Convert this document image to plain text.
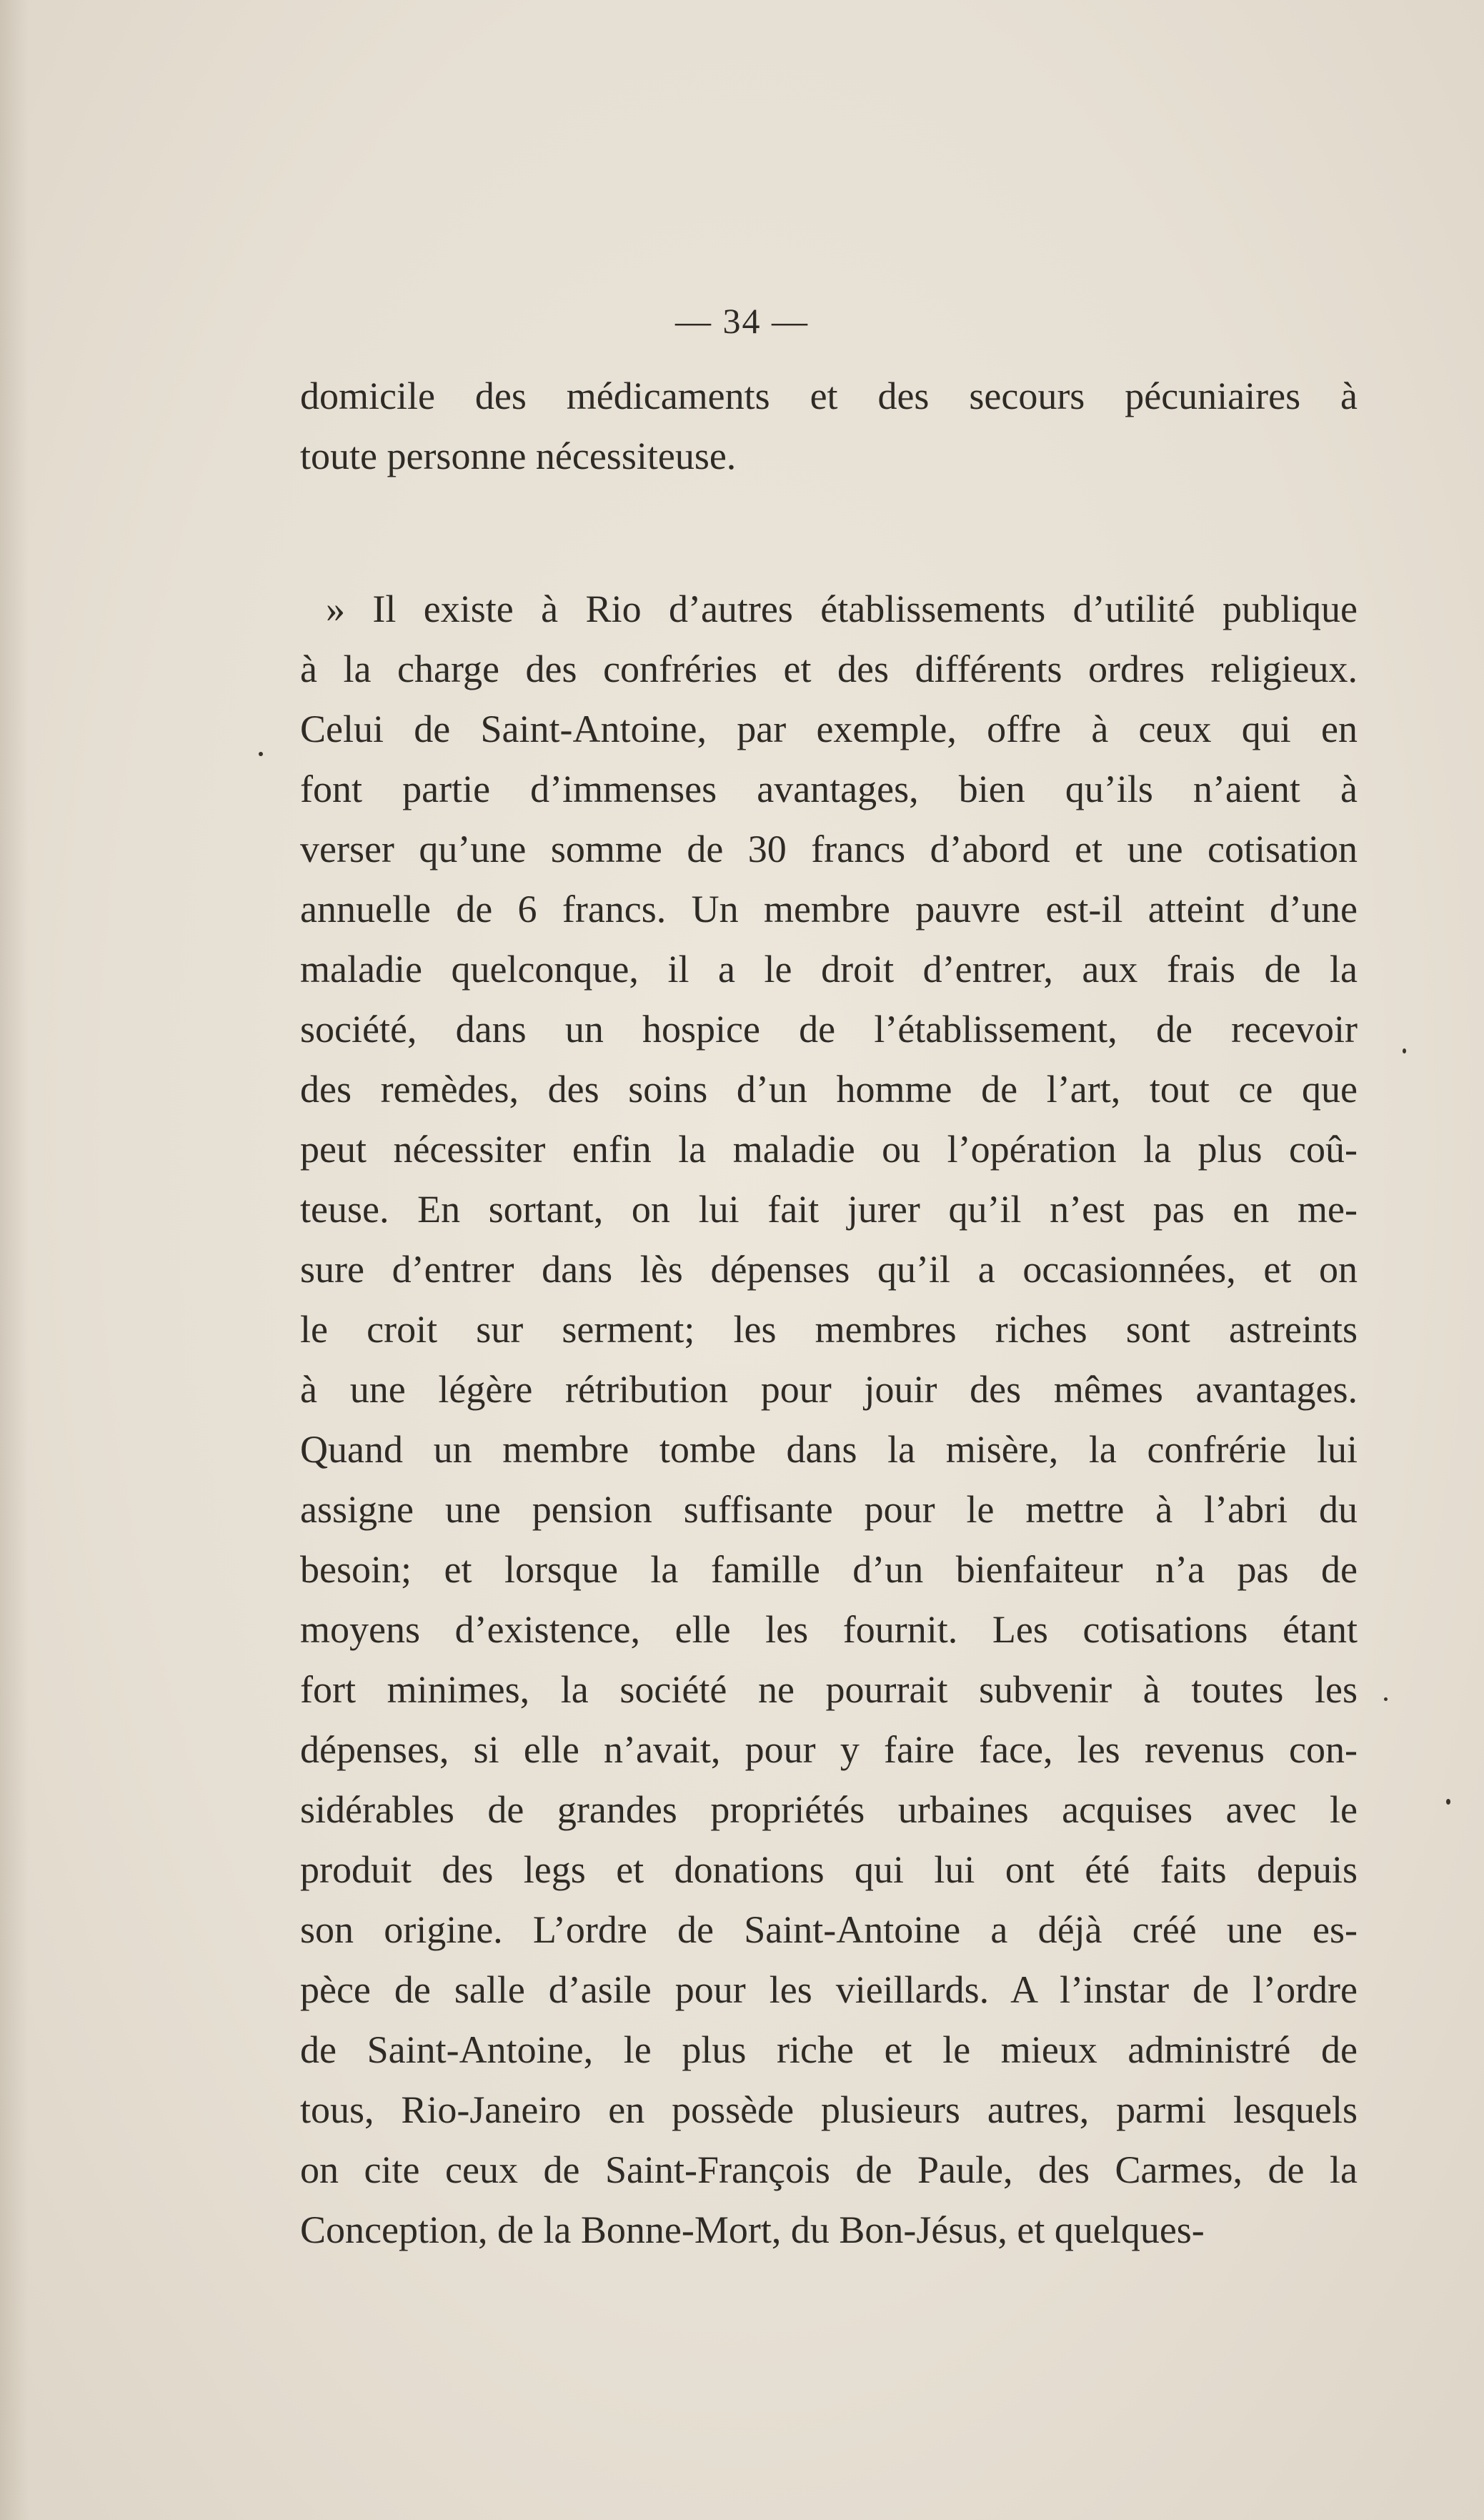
— 34 —
domicile des médicaments et des secours pécuniaires à
toute personne nécessiteuse.
» Il existe à Rio d’autres établissements d’utilité publique
à la charge des confréries et des différents ordres religieux.
Celui de Saint-Antoine, par exemple, offre à ceux qui en
font partie d’immenses avantages, bien qu’ils n’aient à
verser qu’une somme de 30 francs d’abord et une cotisation
annuelle de 6 francs. Un membre pauvre est-il atteint d’une
maladie quelconque, il a le droit d’entrer, aux frais de la
société, dans un hospice de l’établissement, de recevoir
des remèdes, des soins d’un homme de l’art, tout ce que
peut nécessiter enfin la maladie ou l’opération la plus coû-
teuse. En sortant, on lui fait jurer qu’il n’est pas en me-
sure d’entrer dans lès dépenses qu’il a occasionnées, et on
le croit sur serment; les membres riches sont astreints
à une légère rétribution pour jouir des mêmes avantages.
Quand un membre tombe dans la misère, la confrérie lui
assigne une pension suffisante pour le mettre à l’abri du
besoin; et lorsque la famille d’un bienfaiteur n’a pas de
moyens d’existence, elle les fournit. Les cotisations étant
fort minimes, la société ne pourrait subvenir à toutes les
dépenses, si elle n’avait, pour y faire face, les revenus con-
sidérables de grandes propriétés urbaines acquises avec le
produit des legs et donations qui lui ont été faits depuis
son origine. L’ordre de Saint-Antoine a déjà créé une es-
pèce de salle d’asile pour les vieillards. A l’instar de l’ordre
de Saint-Antoine, le plus riche et le mieux administré de
tous, Rio-Janeiro en possède plusieurs autres, parmi lesquels
on cite ceux de Saint-François de Paule, des Carmes, de la
Conception, de la Bonne-Mort, du Bon-Jésus, et quelques-
